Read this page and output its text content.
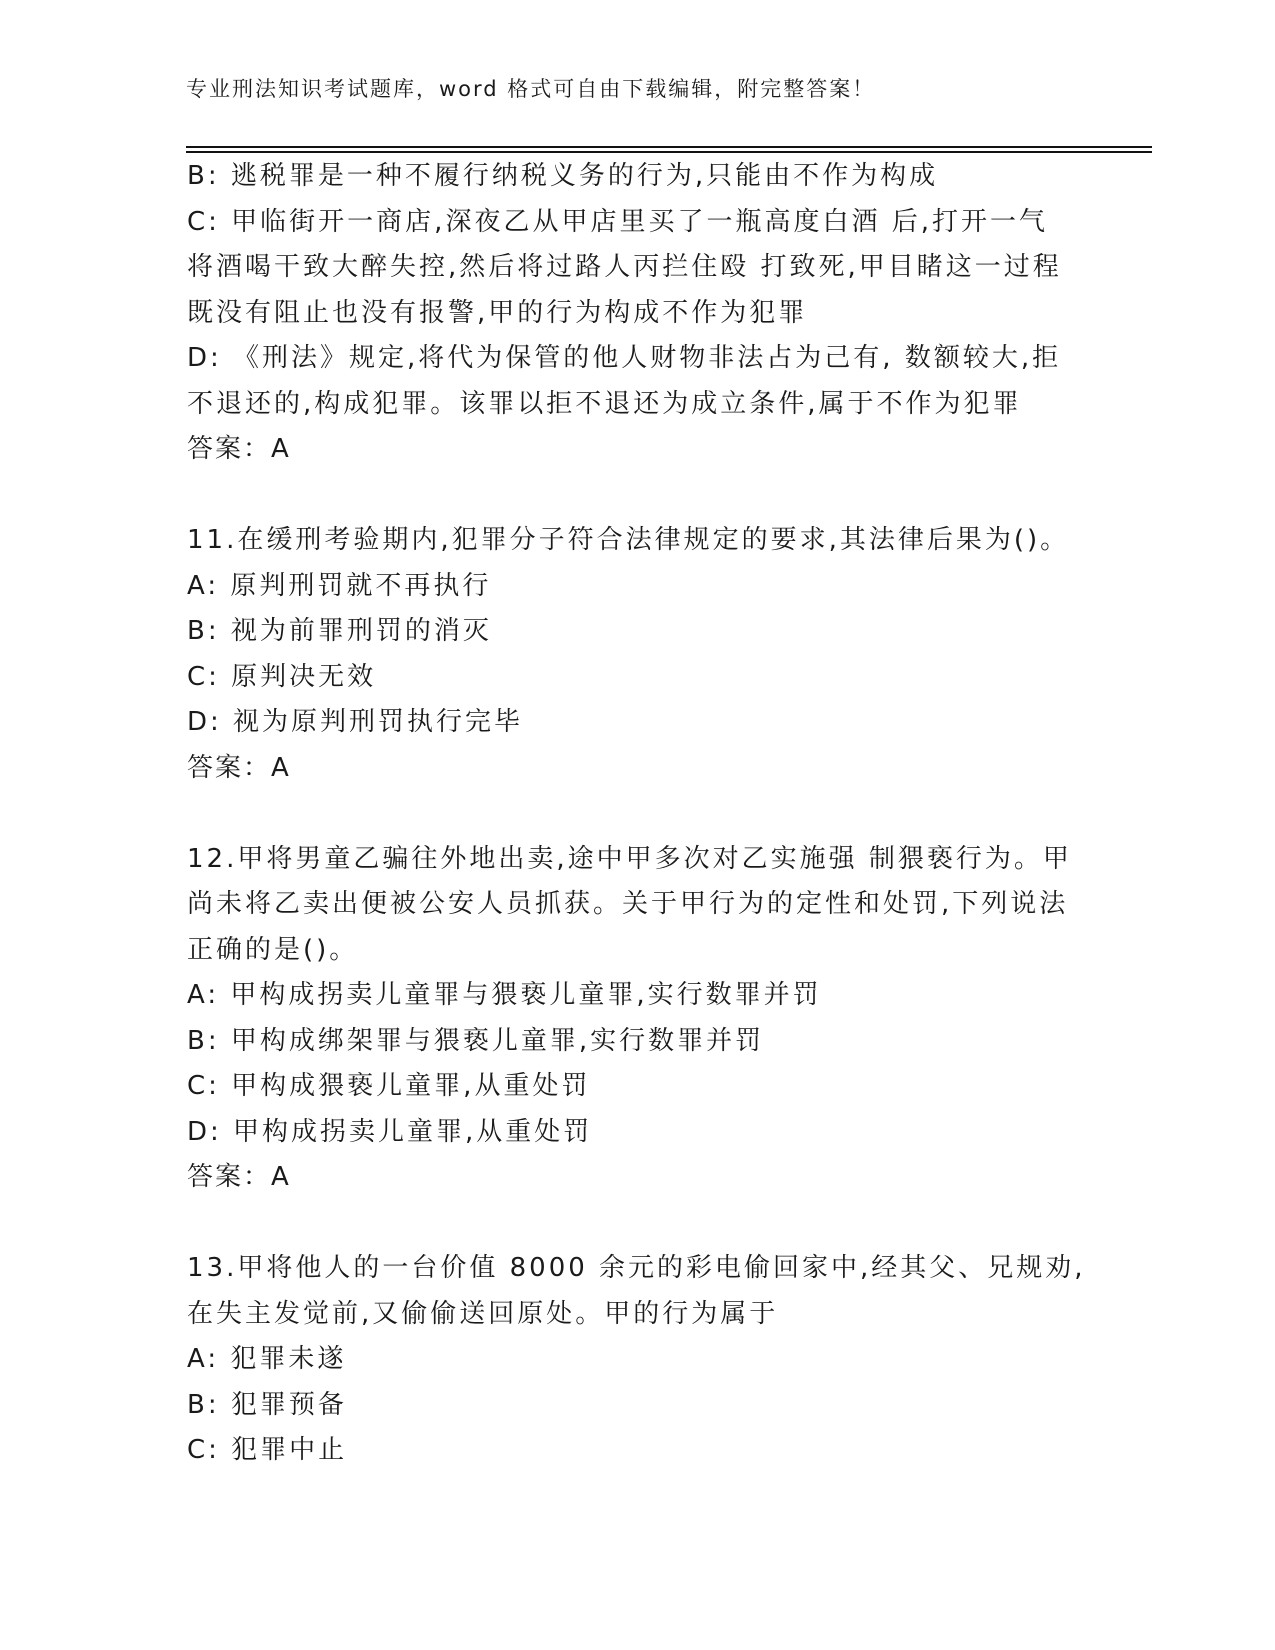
专业刑法知识考试题库，word 格式可自由下载编辑，附完整答案！
B: 逃税罪是一种不履行纳税义务的行为,只能由不作为构成
C: 甲临街开一商店,深夜乙从甲店里买了一瓶高度白酒 后,打开一气
将酒喝干致大醉失控,然后将过路人丙拦住殴 打致死,甲目睹这一过程
既没有阻止也没有报警,甲的行为构成不作为犯罪
D: 《刑法》规定,将代为保管的他人财物非法占为己有, 数额较大,拒
不退还的,构成犯罪。该罪以拒不退还为成立条件,属于不作为犯罪
答案：A
11.在缓刑考验期内,犯罪分子符合法律规定的要求,其法律后果为()。
A: 原判刑罚就不再执行
B: 视为前罪刑罚的消灭
C: 原判决无效
D: 视为原判刑罚执行完毕
答案：A
12.甲将男童乙骗往外地出卖,途中甲多次对乙实施强 制猥亵行为。甲
尚未将乙卖出便被公安人员抓获。关于甲行为的定性和处罚,下列说法
正确的是()。
A: 甲构成拐卖儿童罪与猥亵儿童罪,实行数罪并罚
B: 甲构成绑架罪与猥亵儿童罪,实行数罪并罚
C: 甲构成猥亵儿童罪,从重处罚
D: 甲构成拐卖儿童罪,从重处罚
答案：A
13.甲将他人的一台价值 8000 余元的彩电偷回家中,经其父、兄规劝,
在失主发觉前,又偷偷送回原处。甲的行为属于
A: 犯罪未遂
B: 犯罪预备
C: 犯罪中止
